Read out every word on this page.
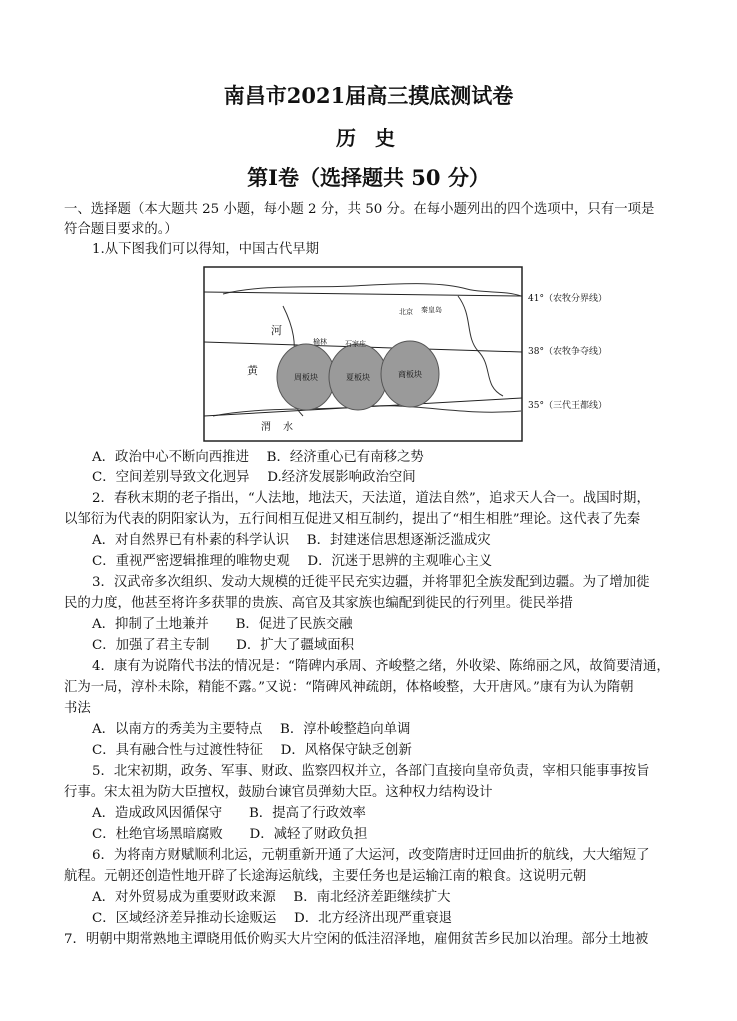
南昌市2021届高三摸底测试卷
历 史
第Ⅰ卷（选择题共 50 分）
一、选择题（本大题共 25 小题，每小题 2 分，共 50 分。在每小题列出的四个选项中，只有一项是
符合题目要求的。）
1.从下图我们可以得知，中国古代早期
周板块	夏板块	商板块
河
黄
渭 水
北京 秦皇岛
石家庄
榆林
41°（农牧分界线）
38°（农牧争夺线）
35°（三代王都线）
A．政治中心不断向西推进　 B．经济重心已有南移之势
C．空间差别导致文化迥异　 D.经济发展影响政治空间
2．春秋末期的老子指出，“人法地，地法天，天法道，道法自然”，追求天人合一。战国时期，
以邹衍为代表的阴阳家认为，五行间相互促进又相互制约，提出了“相生相胜”理论。这代表了先秦
A．对自然界已有朴素的科学认识　 B．封建迷信思想逐渐泛滥成灾
C．重视严密逻辑推理的唯物史观　 D．沉迷于思辨的主观唯心主义
3．汉武帝多次组织、发动大规模的迁徙平民充实边疆，并将罪犯全族发配到边疆。为了增加徙
民的力度，他甚至将许多获罪的贵族、高官及其家族也编配到徙民的行列里。徙民举措
A．抑制了土地兼并　　B．促进了民族交融
C．加强了君主专制　　D．扩大了疆域面积
4．康有为说隋代书法的情况是：“隋碑内承周、齐峻整之绪，外收梁、陈绵丽之风，故简要清通，
汇为一局，淳朴未除，精能不露。”又说：“隋碑风神疏朗，体格峻整，大开唐风。”康有为认为隋朝
书法
A．以南方的秀美为主要特点　 B．淳朴峻整趋向单调
C．具有融合性与过渡性特征　 D．风格保守缺乏创新
5．北宋初期，政务、军事、财政、监察四权并立，各部门直接向皇帝负责，宰相只能事事按旨
行事。宋太祖为防大臣擅权，鼓励台谏官员弹劾大臣。这种权力结构设计
A．造成政风因循保守　　B．提高了行政效率
C．杜绝官场黑暗腐败　　D．减轻了财政负担
6．为将南方财赋顺利北运，元朝重新开通了大运河，改变隋唐时迂回曲折的航线，大大缩短了
航程。元朝还创造性地开辟了长途海运航线，主要任务也是运输江南的粮食。这说明元朝
A．对外贸易成为重要财政来源　 B．南北经济差距继续扩大
C．区域经济差异推动长途贩运　 D．北方经济出现严重衰退
7．明朝中期常熟地主谭晓用低价购买大片空闲的低洼沼泽地，雇佣贫苦乡民加以治理。部分土地被
